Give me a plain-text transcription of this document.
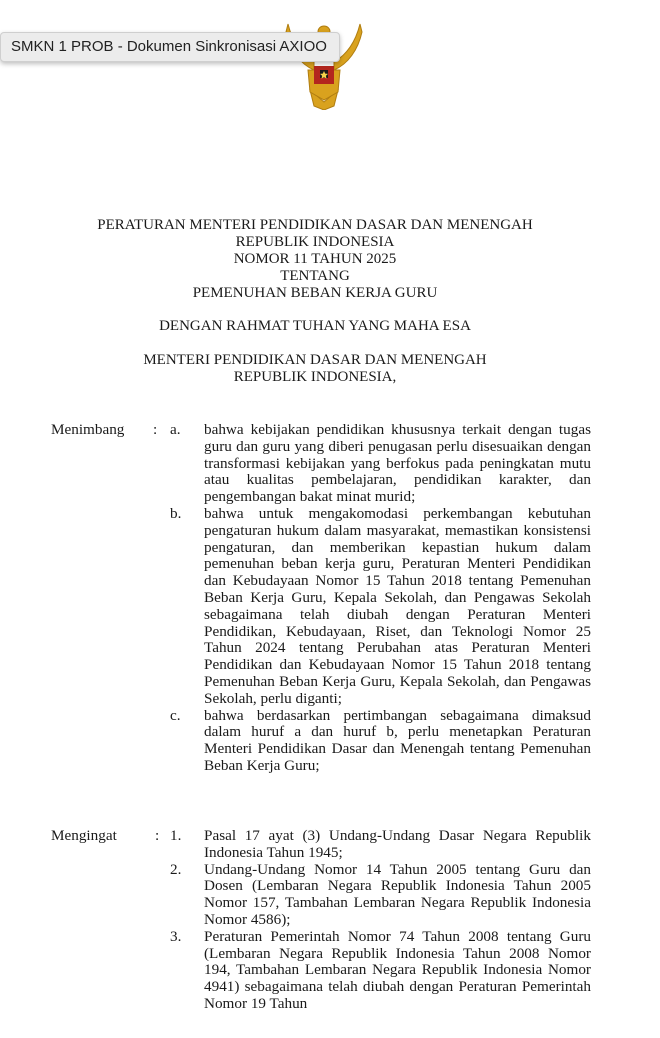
SMKN 1 PROB - Dokumen Sinkronisasi AXIOO
PERATURAN MENTERI PENDIDIKAN DASAR DAN MENENGAH
REPUBLIK INDONESIA
NOMOR 11 TAHUN 2025
TENTANG
PEMENUHAN BEBAN KERJA GURU
DENGAN RAHMAT TUHAN YANG MAHA ESA
MENTERI PENDIDIKAN DASAR DAN MENENGAH
REPUBLIK INDONESIA,
Menimbang : a. bahwa kebijakan pendidikan khususnya terkait dengan tugas guru dan guru yang diberi penugasan perlu disesuaikan dengan transformasi kebijakan yang berfokus pada peningkatan mutu atau kualitas pembelajaran, pendidikan karakter, dan pengembangan bakat minat murid;
b. bahwa untuk mengakomodasi perkembangan kebutuhan pengaturan hukum dalam masyarakat, memastikan konsistensi pengaturan, dan memberikan kepastian hukum dalam pemenuhan beban kerja guru, Peraturan Menteri Pendidikan dan Kebudayaan Nomor 15 Tahun 2018 tentang Pemenuhan Beban Kerja Guru, Kepala Sekolah, dan Pengawas Sekolah sebagaimana telah diubah dengan Peraturan Menteri Pendidikan, Kebudayaan, Riset, dan Teknologi Nomor 25 Tahun 2024 tentang Perubahan atas Peraturan Menteri Pendidikan dan Kebudayaan Nomor 15 Tahun 2018 tentang Pemenuhan Beban Kerja Guru, Kepala Sekolah, dan Pengawas Sekolah, perlu diganti;
c. bahwa berdasarkan pertimbangan sebagaimana dimaksud dalam huruf a dan huruf b, perlu menetapkan Peraturan Menteri Pendidikan Dasar dan Menengah tentang Pemenuhan Beban Kerja Guru;
Mengingat	: 1. Pasal 17 ayat (3) Undang-Undang Dasar Negara Republik Indonesia Tahun 1945;
2. Undang-Undang Nomor 14 Tahun 2005 tentang Guru dan Dosen (Lembaran Negara Republik Indonesia Tahun 2005 Nomor 157, Tambahan Lembaran Negara Republik Indonesia Nomor 4586);
3. Peraturan Pemerintah Nomor 74 Tahun 2008 tentang Guru (Lembaran Negara Republik Indonesia Tahun 2008 Nomor 194, Tambahan Lembaran Negara Republik Indonesia Nomor 4941) sebagaimana telah diubah dengan Peraturan Pemerintah Nomor 19 Tahun
